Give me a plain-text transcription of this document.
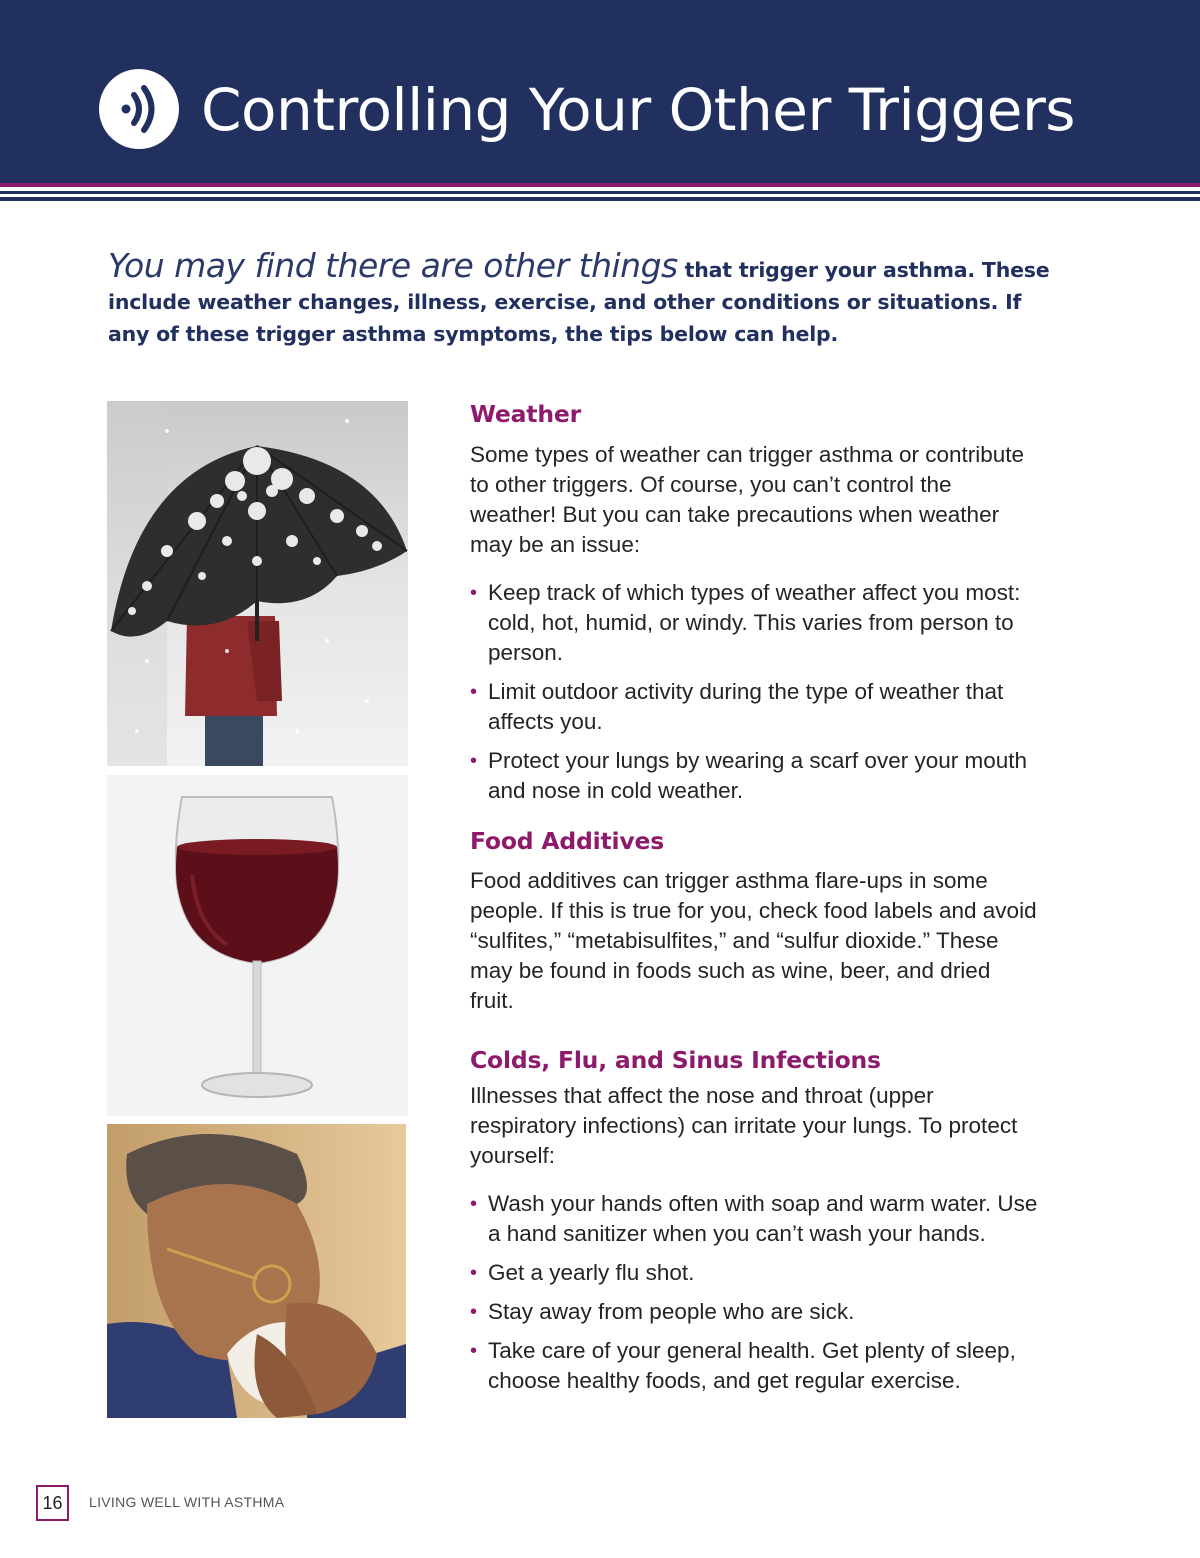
Controlling Your Other Triggers
You may find there are other things that trigger your asthma. These include weather changes, illness, exercise, and other conditions or situations. If any of these trigger asthma symptoms, the tips below can help.
Weather

Some types of weather can trigger asthma or contribute to other triggers. Of course, you can’t control the weather! But you can take precautions when weather may be an issue:

• Keep track of which types of weather affect you most: cold, hot, humid, or windy. This varies from person to person.
• Limit outdoor activity during the type of weather that affects you.
• Protect your lungs by wearing a scarf over your mouth and nose in cold weather.
Food Additives

Food additives can trigger asthma flare-ups in some people. If this is true for you, check food labels and avoid “sulfites,” “metabisulfites,” and “sulfur dioxide.” These may be found in foods such as wine, beer, and dried fruit.

Colds, Flu, and Sinus Infections

Illnesses that affect the nose and throat (upper respiratory infections) can irritate your lungs. To protect yourself:

• Wash your hands often with soap and warm water. Use a hand sanitizer when you can’t wash your hands.
• Get a yearly flu shot.
• Stay away from people who are sick.
• Take care of your general health. Get plenty of sleep, choose healthy foods, and get regular exercise.
16	LIVING WELL WITH ASTHMA
